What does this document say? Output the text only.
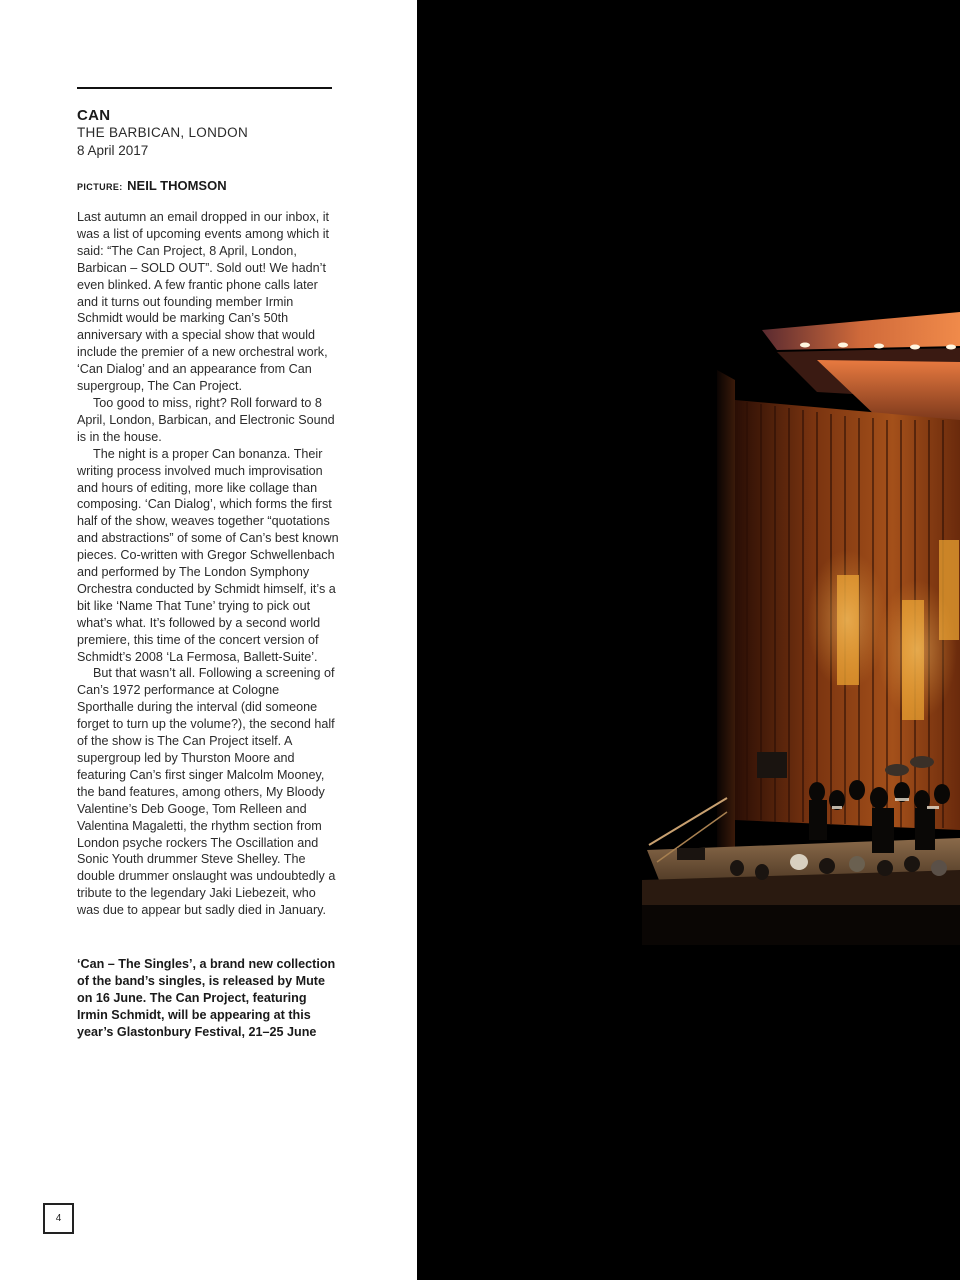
CAN
THE BARBICAN, LONDON
8 April 2017
PICTURE: NEIL THOMSON

Last autumn an email dropped in our inbox, it was a list of upcoming events among which it said: “The Can Project, 8 April, London, Barbican – SOLD OUT”. Sold out! We hadn’t even blinked. A few frantic phone calls later and it turns out founding member Irmin Schmidt would be marking Can’s 50th anniversary with a special show that would include the premier of a new orchestral work, ‘Can Dialog’ and an appearance from Can supergroup, The Can Project.

Too good to miss, right? Roll forward to 8 April, London, Barbican, and Electronic Sound is in the house.

The night is a proper Can bonanza. Their writing process involved much improvisation and hours of editing, more like collage than composing. ‘Can Dialog’, which forms the first half of the show, weaves together “quotations and abstractions” of some of Can’s best known pieces. Co-written with Gregor Schwellenbach and performed by The London Symphony Orchestra conducted by Schmidt himself, it’s a bit like ‘Name That Tune’ trying to pick out what’s what. It’s followed by a second world premiere, this time of the concert version of Schmidt’s 2008 ‘La Fermosa, Ballett-Suite’.

But that wasn’t all. Following a screening of Can’s 1972 performance at Cologne Sporthalle during the interval (did someone forget to turn up the volume?), the second half of the show is The Can Project itself. A supergroup led by Thurston Moore and featuring Can’s first singer Malcolm Mooney, the band features, among others, My Bloody Valentine’s Deb Googe, Tom Relleen and Valentina Magaletti, the rhythm section from London psyche rockers The Oscillation and Sonic Youth drummer Steve Shelley. The double drummer onslaught was undoubtedly a tribute to the legendary Jaki Liebezeit, who was due to appear but sadly died in January.

‘Can – The Singles’, a brand new collection of the band’s singles, is released by Mute on 16 June. The Can Project, featuring Irmin Schmidt, will be appearing at this year’s Glastonbury Festival, 21–25 June

4
